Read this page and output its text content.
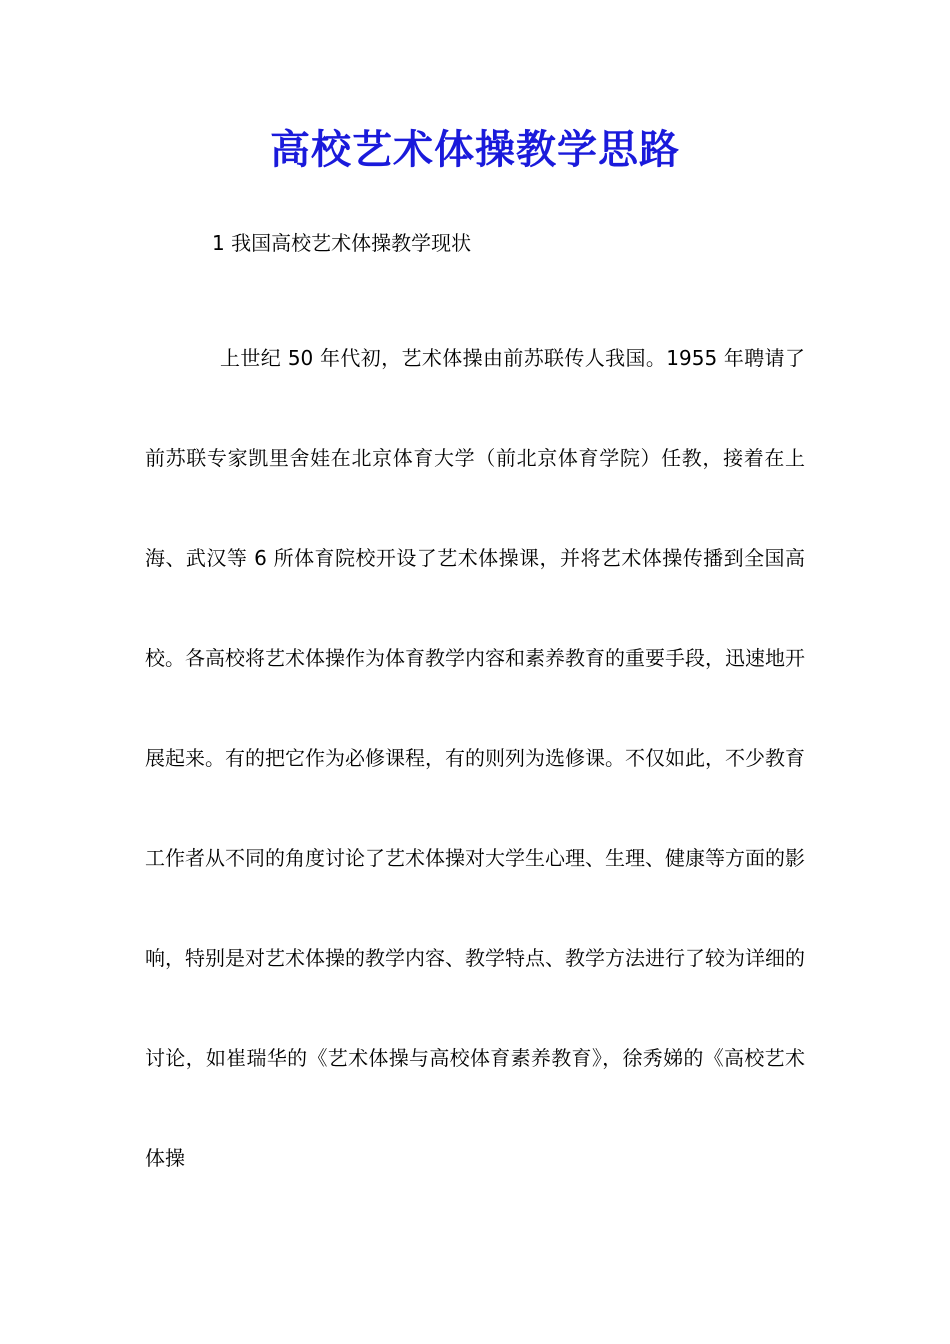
高校艺术体操教学思路
1 我国高校艺术体操教学现状

上世纪 50 年代初，艺术体操由前苏联传人我国。1955 年聘请了前苏联专家凯里舍娃在北京体育大学（前北京体育学院）任教，接着在上海、武汉等 6 所体育院校开设了艺术体操课，并将艺术体操传播到全国高校。各高校将艺术体操作为体育教学内容和素养教育的重要手段，迅速地开展起来。有的把它作为必修课程，有的则列为选修课。不仅如此，不少教育工作者从不同的角度讨论了艺术体操对大学生心理、生理、健康等方面的影响，特别是对艺术体操的教学内容、教学特点、教学方法进行了较为详细的讨论，如崔瑞华的《艺术体操与高校体育素养教育》，徐秀娣的《高校艺术体操
